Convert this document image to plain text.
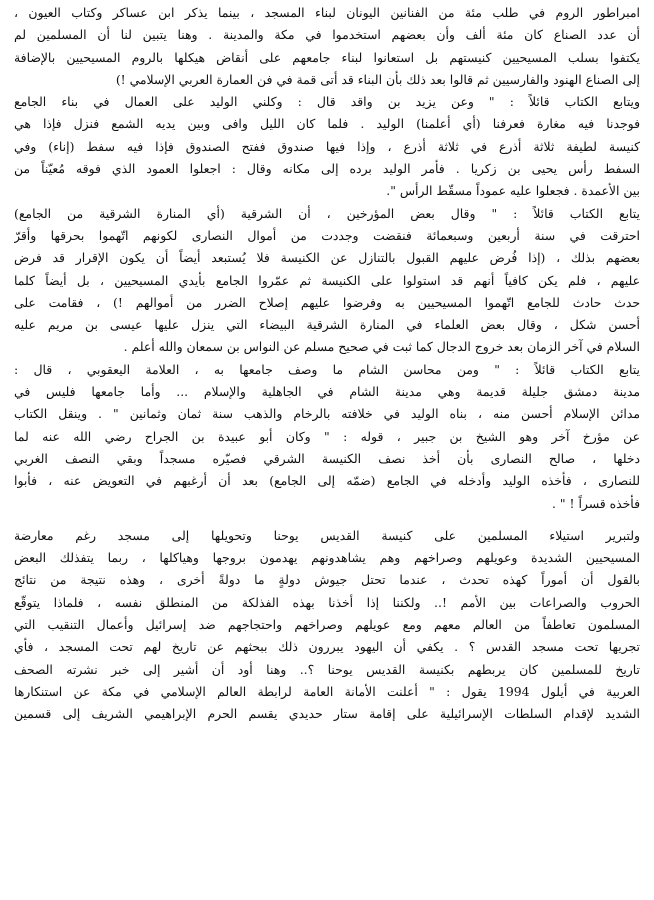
امبراطور الروم في طلب مئة من الفنانين اليونان لبناء المسجد ، بينما يذكر ابن عساكر وكتاب العيون ،
أن عدد الصناع كان مئة ألف وأن بعضهم استخدموا في مكة والمدينة . وهنا يتبين لنا أن المسلمين لم
يكتفوا بسلب المسيحيين كنيستهم بل استعانوا لبناء جامعهم على أنقاض هيكلها بالروم المسيحيين بالإضافة
إلى الصناع الهنود والفارسيين ثم قالوا بعد ذلك بأن البناء قد أتى قمة في فن العمارة العربي الإسلامي !)
ويتابع الكتاب قائلاً : " وعن يزيد بن واقد قال : وكلني الوليد على العمال في بناء الجامع
فوجدنا فيه مغارة فعرفنا (أي أعلمنا) الوليد . فلما كان الليل وافى وبين يديه الشمع فنزل فإذا هي
كنيسة لطيفة ثلاثة أذرع في ثلاثة أذرع ، وإذا فيها صندوق ففتح الصندوق فإذا فيه سفط (إناء) وفي
السفط رأس يحيى بن زكريا . فأمر الوليد برده إلى مكانه وقال : اجعلوا العمود الذي فوقه مُعيّناً من
بين الأعمدة . فجعلوا عليه عموداً مسقّط الرأس ".
يتابع الكتاب قائلاً : " وقال بعض المؤرخين ، أن الشرقية (أي المنارة الشرقية من الجامع)
احترقت في سنة أربعين وسبعمائة فنقضت وجددت من أموال النصارى لكونهم اتّهموا بحرقها وأقرّ
بعضهم بذلك ، (إذا فُرض عليهم القبول بالتنازل عن الكنيسة فلا يُستبعد أيضاً أن يكون الإقرار قد فرض
عليهم ، فلم يكن كافياً أنهم قد استولوا على الكنيسة ثم عمّروا الجامع بأيدي المسيحيين ، بل أيضاً كلما
حدث حادث للجامع اتّهموا المسيحيين به وفرضوا عليهم إصلاح الضرر من أموالهم !) ، فقامت على
أحسن شكل ، وقال بعض العلماء في المنارة الشرقية البيضاء التي ينزل عليها عيسى بن مريم عليه
السلام في آخر الزمان بعد خروج الدجال كما ثبت في صحيح مسلم عن النواس بن سمعان والله أعلم .
يتابع الكتاب قائلاً : " ومن محاسن الشام ما وصف جامعها به ، العلامة اليعقوبي ، قال :
مدينة دمشق جليلة قديمة وهي مدينة الشام في الجاهلية والإسلام ... وأما جامعها فليس في
مدائن الإسلام أحسن منه ، بناه الوليد في خلافته بالرخام والذهب سنة ثمان وثمانين " . وينقل الكتاب
عن مؤرخ آخر وهو الشيخ بن جبير ، قوله : " وكان أبو عبيدة بن الجراح رضي الله عنه لما
دخلها ، صالح النصارى بأن أخذ نصف الكنيسة الشرقي فصيّره مسجداً وبقي النصف الغربي
للنصارى ، فأخذه الوليد وأدخله في الجامع (ضمّه إلى الجامع) بعد أن أرغبهم في التعويض عنه ، فأبوا
فأخذه قسراً ! " .
ولتبرير استيلاء المسلمين على كنيسة القديس يوحنا وتحويلها إلى مسجد رغم معارضة
المسيحيين الشديدة وعويلهم وصراخهم وهم يشاهدونهم يهدمون بروجها وهياكلها ، ربما يتفذلك البعض
بالقول أن أموراً كهذه تحدث ، عندما تحتل جيوش دولةٍ ما دولةً أخرى ، وهذه نتيجة من نتائج
الحروب والصراعات بين الأمم !.. ولكننا إذا أخذنا بهذه الفذلكة من المنطلق نفسه ، فلماذا يتوقّع
المسلمون تعاطفاً من العالم معهم ومع عويلهم وصراخهم واحتجاجهم ضد إسرائيل وأعمال التنقيب التي
تجريها تحت مسجد القدس ؟ . يكفي أن اليهود يبررون ذلك ببحثهم عن تاريخ لهم تحت المسجد ، فأي
تاريخ للمسلمين كان يربطهم بكنيسة القديس يوحنا ؟.. وهنا أود أن أشير إلى خبر نشرته الصحف
العربية في أيلول 1994 يقول : " أعلنت الأمانة العامة لرابطة العالم الإسلامي في مكة عن استنكارها
الشديد لإقدام السلطات الإسرائيلية على إقامة ستار حديدي يقسم الحرم الإبراهيمي الشريف إلى قسمين
